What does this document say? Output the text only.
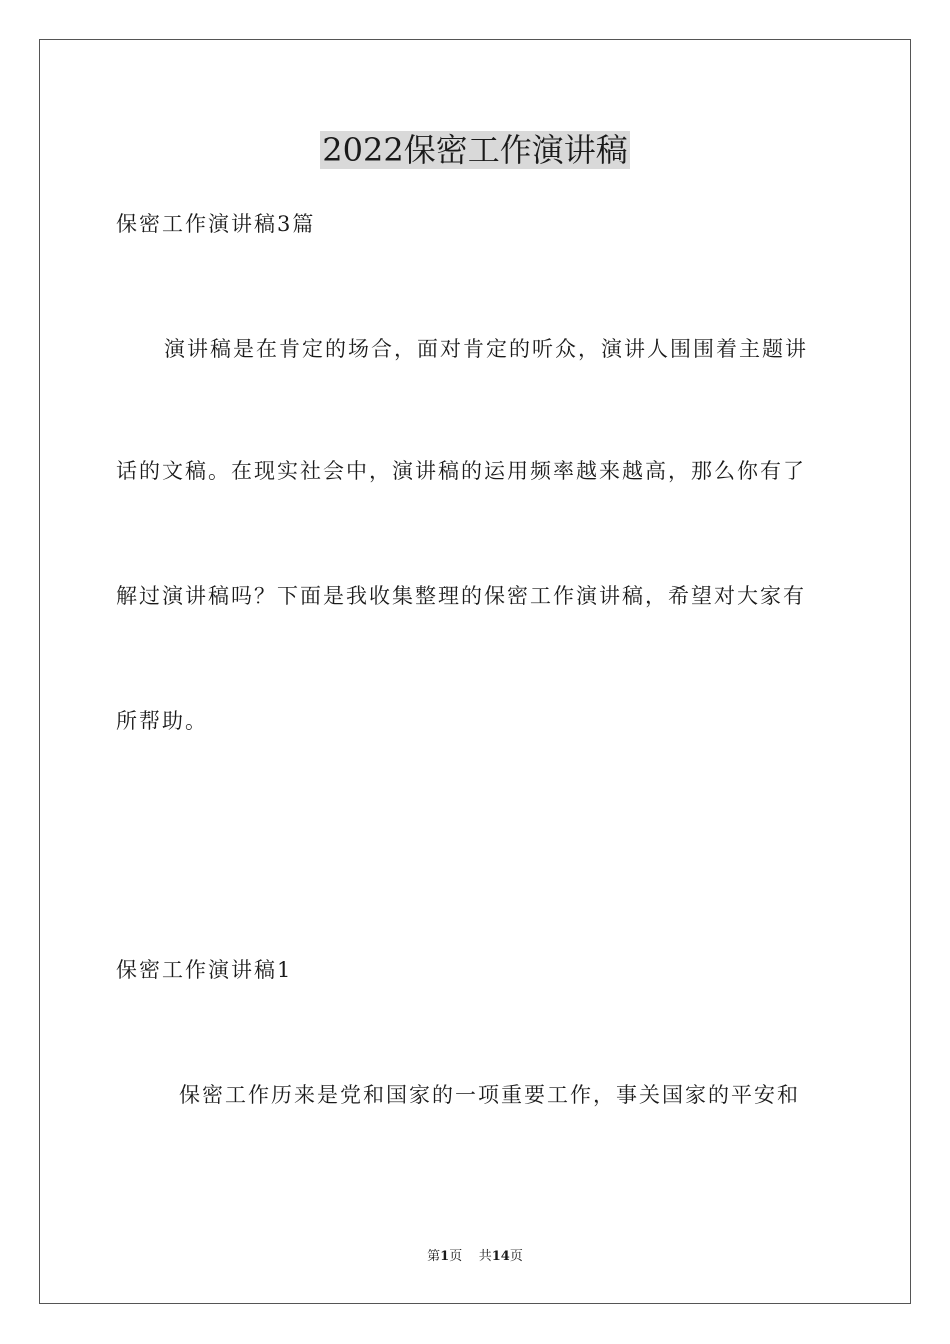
2022保密工作演讲稿
保密工作演讲稿3篇
演讲稿是在肯定的场合，面对肯定的听众，演讲人围围着主题讲
话的文稿。在现实社会中，演讲稿的运用频率越来越高，那么你有了
解过演讲稿吗？下面是我收集整理的保密工作演讲稿，希望对大家有
所帮助。
保密工作演讲稿1
保密工作历来是党和国家的一项重要工作，事关国家的平安和
第1页 共14页
